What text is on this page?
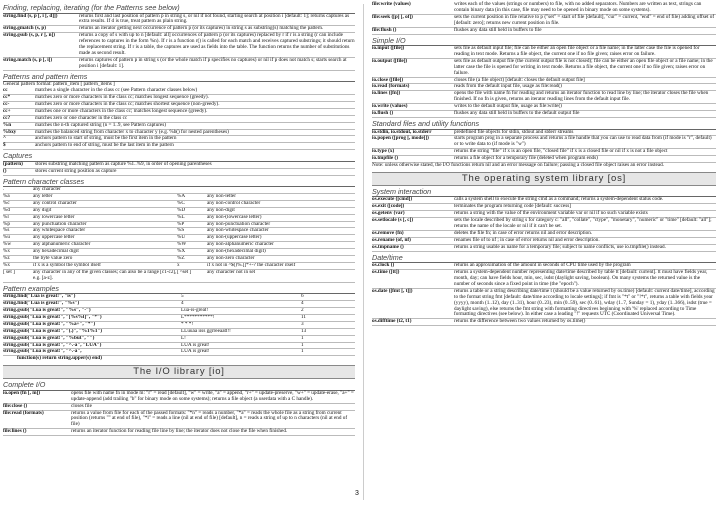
Finding, replacing, iterating (for the Patterns see below)
string.find (s, p [, i [, d]])	returns first and last position of pattern p in string s, or nil if not found, starting search at position i [default: 1]; returns captures as extra results. If d is true, treat pattern as plain string.
string.gmatch (s, p)	returns an iterator getting next occurrence of pattern p (or its captures) in string s as substring(s) matching the pattern.
string.gsub (s, p, r [, n])	returns a copy of s with up to n [default: all] occurrences of pattern p (or its captures) replaced by r if r is a string (r can include references to captures in the form %n). If r is a function r() is called for each match and receives captured substrings; it should return the replacement string. If r is a table, the captures are used as fields into the table. The function returns the number of substitutions made as second result.
string.match (s, p [, i])	returns captures of pattern p in string s (or the whole match if p specifies no captures) or nil if p does not match s; starts search at position i [default: 1].
Patterns and pattern items
General pattern format: pattern_item [ pattern_items ]
cc	matches a single character in the class cc (see Pattern character classes below)
cc*	matches zero or more characters in the class cc; matches longest sequence (greedy).
cc-	matches zero or more characters in the class cc; matches shortest sequence (non-greedy).
cc+	matches one or more characters in the class cc; matches longest sequence (greedy).
cc?	matches zero or one character in the class cc
%n	matches the n-th captured string (n = 1..9, see Pattern captures)
%bxy	matches the balanced string from character x to character y (e.g. %b() for nested parentheses)
^	anchors pattern to start of string, must be the first item in the pattern
$	anchors pattern to end of string, must be the last item in the pattern
Captures
(pattern)	stores substring matching pattern as capture %1..%9, in order of opening parentheses
()	stores current string position as capture
Pattern character classes
.	any character
%a	any letter	%A	any non-letter
%c	any control character	%C	any non-control character
%d	any digit	%D	any non-digit
%l	any lowercase letter	%L	any non-(lowercase letter)
%p	any punctuation character	%P	any non-punctuation character
%s	any whitespace character	%S	any non-whitespace character
%u	any uppercase letter	%U	any non-(uppercase letter)
%w	any alphanumeric character	%W	any non-alphanumeric character
%x	any hexadecimal digit	%X	any non-(hexadecimal digit)
%z	the byte value zero	%Z	any non-zero character
%x	if x is a symbol the symbol itself	x	if x not in ^$()%.[]*+-? the character itself
[ set ]	any character in any of the given classes; can also be a range [c1-c2], e.g. [a-z].
[ ^set ]	any character not in set
Pattern examples
string.find("Lua is great!", "is")	5	6
string.find("Lua is great!", "%s")	4	4
string.gsub("Lua is great!", "%s", "-")	Lua-is-great!	2
string.gsub("Lua is great!", "[%s%l]", "*")	L***********!	11
string.gsub("Lua is great!", "%a+", "*")	* * *!	3
string.gsub("Lua is great!", "(.)", "%1%1")	LLuuaa iiss ggrreeaatt!!	13
string.gsub("Lua is great!", "%but", "")	L!	1
string.gsub("Lua is great!", "^.-a", "LUA")	LUA is great!	1
string.gsub("Lua is great!", "^.-a",	LUA is great!	1
function(s) return string.upper(s) end)
The I/O library [io]
Complete I/O
io.open (fn [, m])	opens file with name fn in mode m: "r" = read [default], "w" = write, "a" = append, "r+" = update-preserve, "w+" = update-erase, "a+" = update-append (add trailing "b" for binary mode on some systems); returns a file object (a userdata with a C handle).
file:close ()	closes file
file:read (formats)	returns a value from file for each of the passed formats: "*n" = reads a number, "*a" = reads the whole file as a string from current position (returns "" at end of file), "*l" = reads a line (nil at end of file) [default], n = reads a string of up to n characters (nil at end of file)
file:lines ()	returns an iterator function for reading file line by line; the iterator does not close the file when finished.
file:write (values)	writes each of the values (strings or numbers) to file, with no added separators. Numbers are written as text, strings can contain binary data (in this case, file may need to be opened in binary mode on some systems).
file:seek ([p] [, of])	sets the current position in file relative to p ("set" = start of file [default], "cur" = current, "end" = end of file) adding offset of [default: zero]; returns new current position in file.
file:flush ()	flushes any data still held in buffers to file
Simple I/O
io.input ([file])	sets file as default input file; file can be either an open file object or a file name; in the latter case the file is opened for reading in text mode. Returns a file object, the current one if no file given; raises error on failure.
io.output ([file])	sets file as default output file (the current output file is not closed); file can be either an open file object or a file name; in the latter case the file is opened for writing in text mode. Returns a file object, the current one if no file given; raises error on failure.
io.close ([file])	closes file (a file object) [default: closes the default output file]
io.read (formats)	reads from the default input file, usage as file:read()
io.lines ([fn])	opens the file with name fn for reading and returns an iterator function to read line by line; the iterator closes the file when finished. If no fn is given, returns an iterator reading lines from the default input file.
io.write (values)	writes to the default output file, usage as file:write()
io.flush ()	flushes any data still held in buffers to the default output file
Standard files and utility functions
io.stdin, io.stdout, io.stderr	predefined file objects for stdin, stdout and stderr streams
io.popen ([prog [, mode]])	starts program prog in a separate process and returns a file handle that you can use to read data from (if mode is "r", default) or to write data to (if mode is "w")
io.type (x)	returns the string "file" if x is an open file, "closed file" if x is a closed file or nil if x is not a file object
io.tmpfile ()	returns a file object for a temporary file (deleted when program ends)
Note: unless otherwise stated, the I/O functions return nil and an error message on failure; passing a closed file object raises an error instead.
The operating system library [os]
System interaction
os.execute ([cmd])	calls a system shell to execute the string cmd as a command; returns a system-dependent status code.
os.exit ([code])	terminates the program returning code [default: success]
os.getenv (var)	returns a string with the value of the environment variable var or nil if no such variable exists
os.setlocale (s [, c])	sets the locale described by string s for category c: "all", "collate", "ctype", "monetary", "numeric" or "time" [default: "all"]; returns the name of the locale or nil if it can't be set.
os.remove (fn)	deletes the file fn; in case of error returns nil and error description.
os.rename (of, nf)	renames file of to nf ; in case of error returns nil and error description.
os.tmpname ()	returns a string usable as name for a temporary file; subject to name conflicts, use io.tmpfile() instead.
Date/time
os.clock ()	returns an approximation of the amount in seconds of CPU time used by the program
os.time ([tt])	returns a system-dependent number representing date/time described by table tt [default: current]. tt must have fields year, month, day; can have fields hour, min, sec, isdst (daylight saving, boolean). On many systems the returned value is the number of seconds since a fixed point in time (the "epoch").
os.date ([fmt [, t]])	returns a table or a string describing date/time t (should be a value returned by os.time) [default: current date/time], according to the format string fmt [default: date/time according to locale settings]; if fmt is "*t" or "!*t", returns a table with fields year (yyyy), month (1..12), day (1..31), hour (0..23), min (0..59), sec (0..61), wday (1..7, Sunday = 1), yday (1..366), isdst (true = daylight saving), else returns the fmt string with formatting directives beginning with '%' replaced according to Time formatting directives (see below). In either case a leading "!" requests UTC (Coordinated Universal Time).
os.difftime (t2, t1)	returns the difference between two values returned by os.time()
3
